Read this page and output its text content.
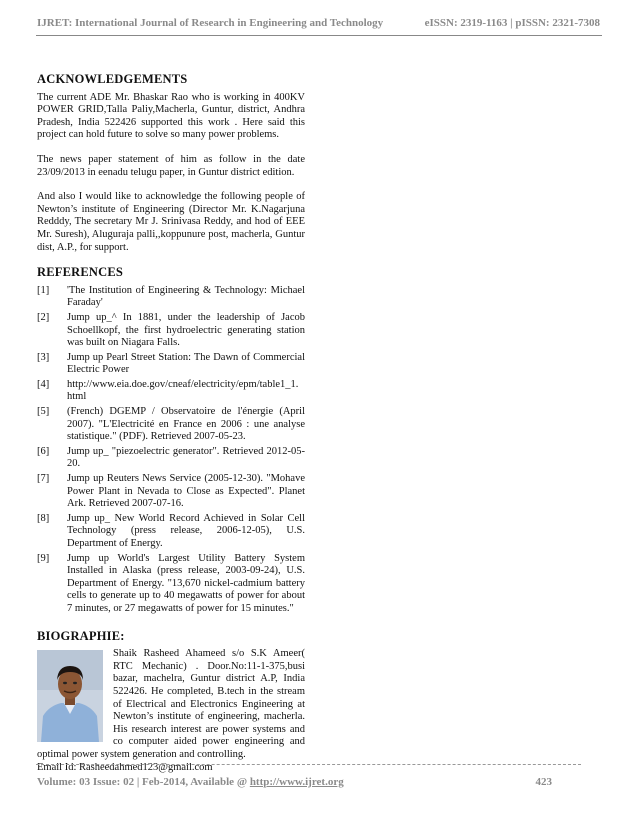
IJRET: International Journal of Research in Engineering and Technology	eISSN: 2319-1163 | pISSN: 2321-7308
ACKNOWLEDGEMENTS

The current ADE Mr. Bhaskar Rao who is working in 400KV POWER GRID,Talla Paliy,Macherla, Guntur, district, Andhra Pradesh, India 522426 supported this work . Here said this project can hold future to solve so many power problems.

The news paper statement of him as follow in the date 23/09/2013 in eenadu telugu paper, in Guntur district edition.

And also I would like to acknowledge the following people of Newton’s institute of Engineering (Director Mr. K.Nagarjuna Redddy, The secretary Mr J. Srinivasa Reddy, and hod of EEE Mr. Suresh), Aluguraja palli,,koppunure post, macherla, Guntur dist, A.P., for support.

REFERENCES
[1]	'The Institution of Engineering & Technology: Michael Faraday'
[2]	Jump up_^ In 1881, under the leadership of Jacob Schoellkopf, the first hydroelectric generating station was built on Niagara Falls.
[3]	Jump up Pearl Street Station: The Dawn of Commercial Electric Power
[4]	http://www.eia.doe.gov/cneaf/electricity/epm/table1_1. html
[5]	(French) DGEMP / Observatoire de l'énergie (April 2007). "L'Electricité en France en 2006 : une analyse statistique." (PDF). Retrieved 2007-05-23.
[6]	Jump up_ "piezoelectric generator". Retrieved 2012-05-20.
[7]	Jump up Reuters News Service (2005-12-30). "Mohave Power Plant in Nevada to Close as Expected". Planet Ark. Retrieved 2007-07-16.
[8]	Jump up_ New World Record Achieved in Solar Cell Technology (press release, 2006-12-05), U.S. Department of Energy.
[9]	Jump up World's Largest Utility Battery System Installed in Alaska (press release, 2003-09-24), U.S. Department of Energy. "13,670 nickel-cadmium battery cells to generate up to 40 megawatts of power for about 7 minutes, or 27 megawatts of power for 15 minutes."
BIOGRAPHIE:

Shaik Rasheed Ahameed s/o S.K Ameer( RTC Mechanic) . Door.No:11-1-375,busi bazar, machelra, Guntur district A.P, India 522426. He completed, B.tech in the stream of Electrical and Electronics Engineering at Newton’s institute of engineering, macherla. His research interest are power systems and co computer aided power engineering and optimal power system generation and controlling.

Email Id: Rasheedahmed123@gmail.com
Volume: 03 Issue: 02 | Feb-2014, Available @ http://www.ijret.org	423
